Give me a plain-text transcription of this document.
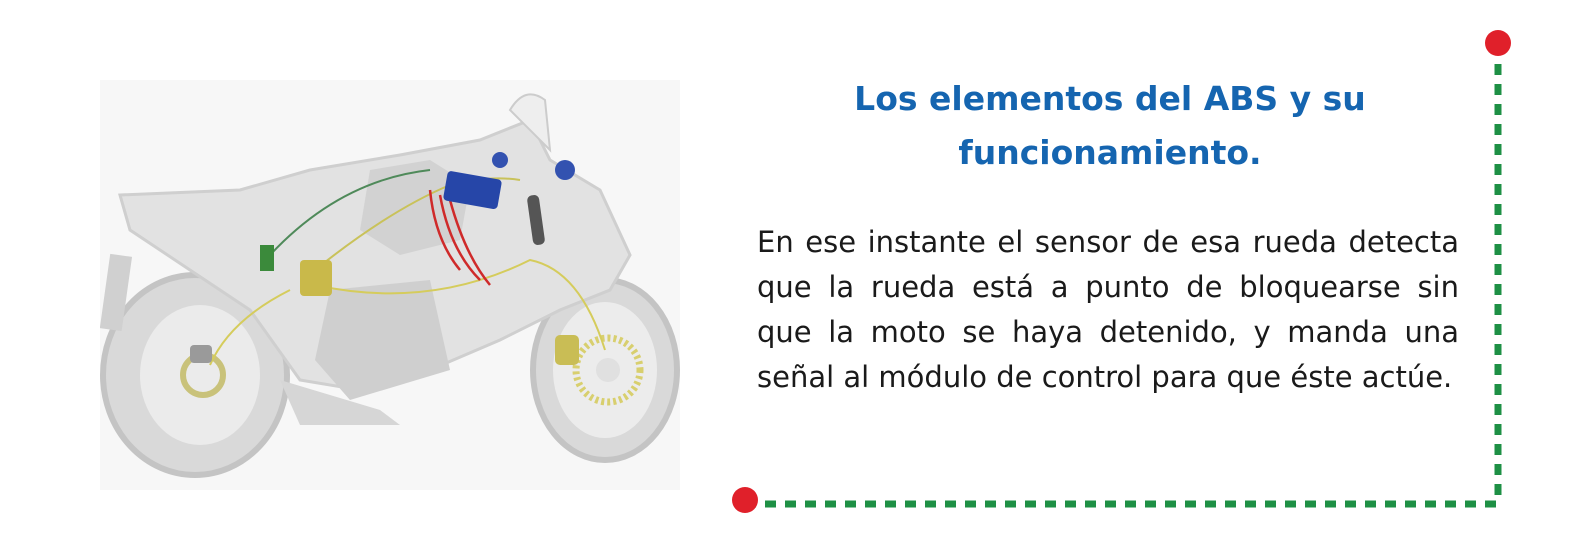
Los elementos del ABS y su
funcionamiento.

En ese instante el sensor de esa rueda detecta que la rueda está a punto de bloquearse sin que la moto se haya detenido, y manda una señal al módulo de control para que éste actúe.
